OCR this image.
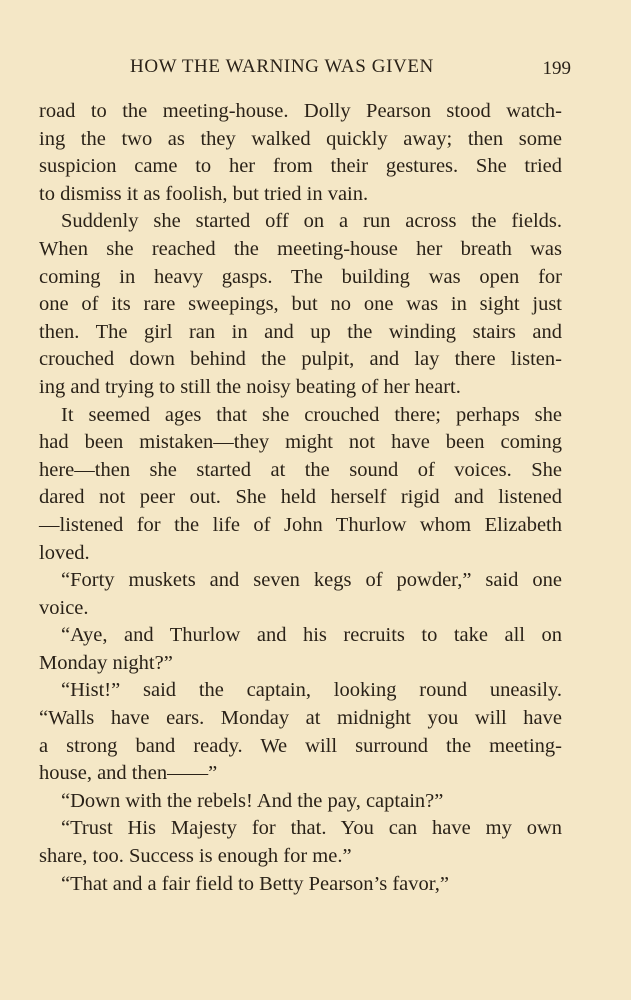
HOW THE WARNING WAS GIVEN	199
road to the meeting-house. Dolly Pearson stood watch-
ing the two as they walked quickly away; then some
suspicion came to her from their gestures. She tried
to dismiss it as foolish, but tried in vain.
Suddenly she started off on a run across the fields.
When she reached the meeting-house her breath was
coming in heavy gasps. The building was open for
one of its rare sweepings, but no one was in sight just
then. The girl ran in and up the winding stairs and
crouched down behind the pulpit, and lay there listen-
ing and trying to still the noisy beating of her heart.
It seemed ages that she crouched there; perhaps she
had been mistaken—they might not have been coming
here—then she started at the sound of voices. She
dared not peer out. She held herself rigid and listened
—listened for the life of John Thurlow whom Elizabeth
loved.
“Forty muskets and seven kegs of powder,” said one
voice.
“Aye, and Thurlow and his recruits to take all on
Monday night?”
“Hist!” said the captain, looking round uneasily.
“Walls have ears. Monday at midnight you will have
a strong band ready. We will surround the meeting-
house, and then——”
“Down with the rebels! And the pay, captain?”
“Trust His Majesty for that. You can have my own
share, too. Success is enough for me.”
“That and a fair field to Betty Pearson’s favor,”
